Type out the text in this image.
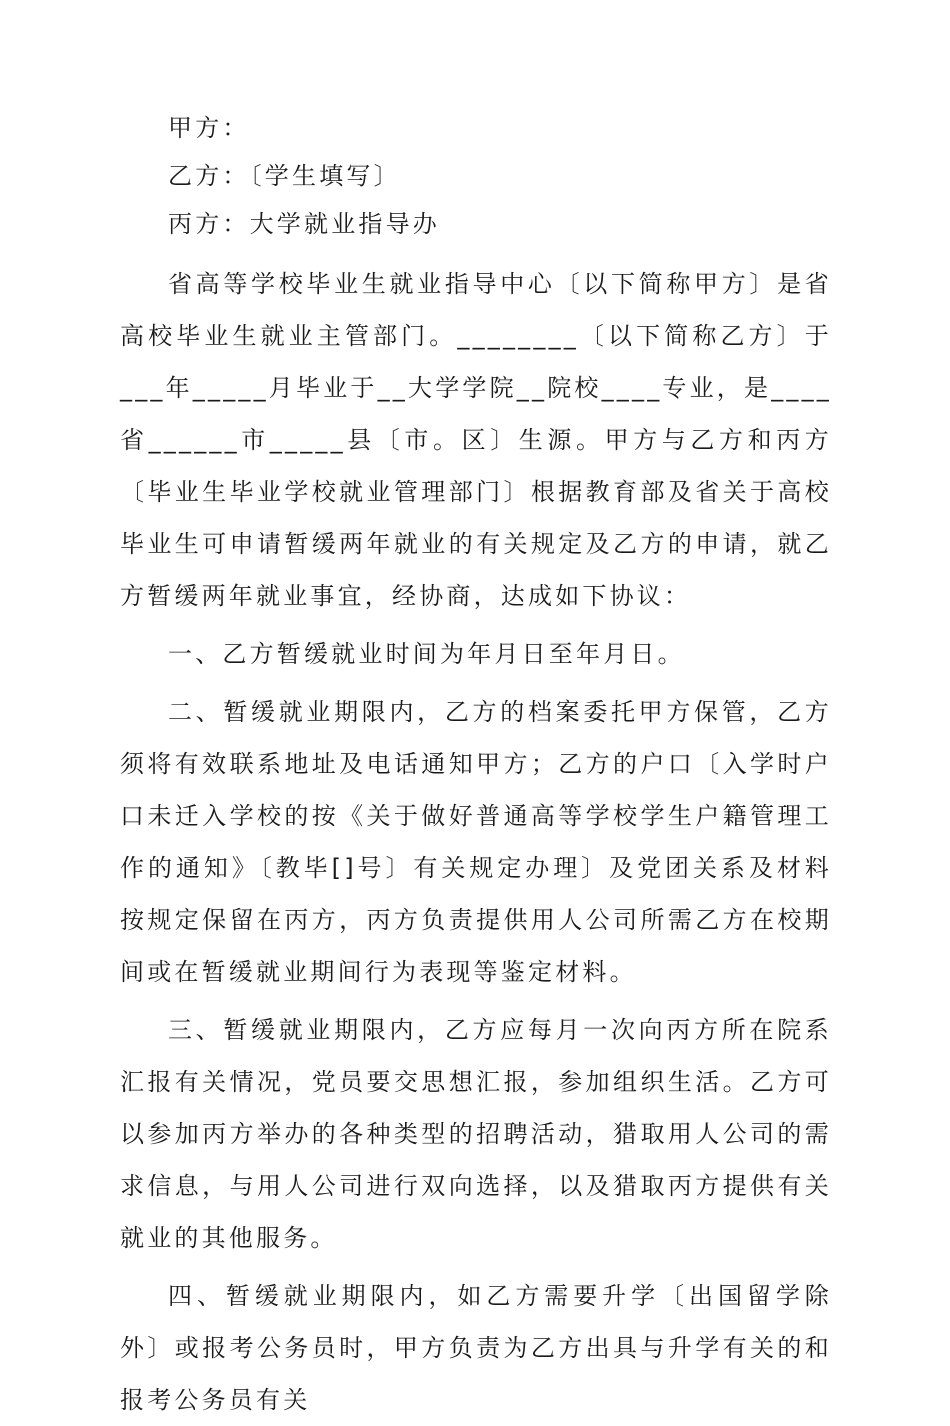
甲方：

乙方：〔学生填写〕

丙方：大学就业指导办

省高等学校毕业生就业指导中心〔以下简称甲方〕是省高校毕业生就业主管部门。________〔以下简称乙方〕于___年_____月毕业于__大学学院__院校____专业，是____省______市_____县〔市。区〕生源。甲方与乙方和丙方〔毕业生毕业学校就业管理部门〕根据教育部及省关于高校毕业生可申请暂缓两年就业的有关规定及乙方的申请，就乙方暂缓两年就业事宜，经协商，达成如下协议：

一、乙方暂缓就业时间为年月日至年月日。

二、暂缓就业期限内，乙方的档案委托甲方保管，乙方须将有效联系地址及电话通知甲方；乙方的户口〔入学时户口未迁入学校的按《关于做好普通高等学校学生户籍管理工作的通知》〔教毕[]号〕有关规定办理〕及党团关系及材料按规定保留在丙方，丙方负责提供用人公司所需乙方在校期间或在暂缓就业期间行为表现等鉴定材料。

三、暂缓就业期限内，乙方应每月一次向丙方所在院系汇报有关情况，党员要交思想汇报，参加组织生活。乙方可以参加丙方举办的各种类型的招聘活动，猎取用人公司的需求信息，与用人公司进行双向选择，以及猎取丙方提供有关就业的其他服务。

四、暂缓就业期限内，如乙方需要升学〔出国留学除外〕或报考公务员时，甲方负责为乙方出具与升学有关的和报考公务员有关
